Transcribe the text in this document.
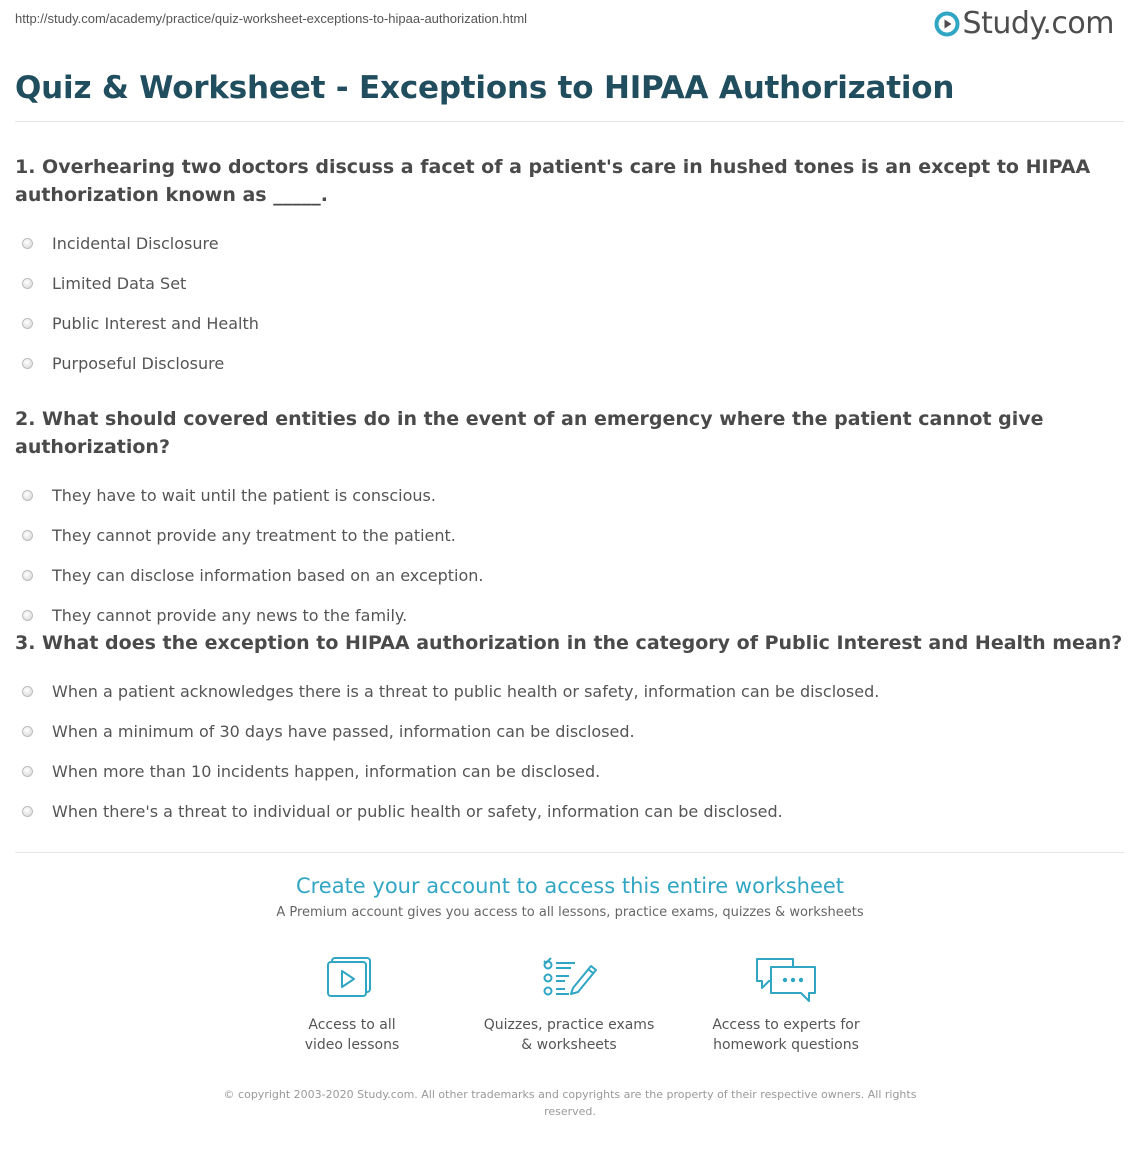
http://study.com/academy/practice/quiz-worksheet-exceptions-to-hipaa-authorization.html	Study.com
Quiz & Worksheet - Exceptions to HIPAA Authorization

1. Overhearing two doctors discuss a facet of a patient's care in hushed tones is an except to HIPAA authorization known as _____.

Incidental Disclosure
Limited Data Set
Public Interest and Health
Purposeful Disclosure

2. What should covered entities do in the event of an emergency where the patient cannot give authorization?

They have to wait until the patient is conscious.
They cannot provide any treatment to the patient.
They can disclose information based on an exception.
They cannot provide any news to the family.

3. What does the exception to HIPAA authorization in the category of Public Interest and Health mean?

When a patient acknowledges there is a threat to public health or safety, information can be disclosed.
When a minimum of 30 days have passed, information can be disclosed.
When more than 10 incidents happen, information can be disclosed.
When there's a threat to individual or public health or safety, information can be disclosed.
Create your account to access this entire worksheet
A Premium account gives you access to all lessons, practice exams, quizzes & worksheets
Access to all
video lessons
Quizzes, practice exams
& worksheets
Access to experts for
homework questions
© copyright 2003-2020 Study.com. All other trademarks and copyrights are the property of their respective owners. All rights
reserved.
